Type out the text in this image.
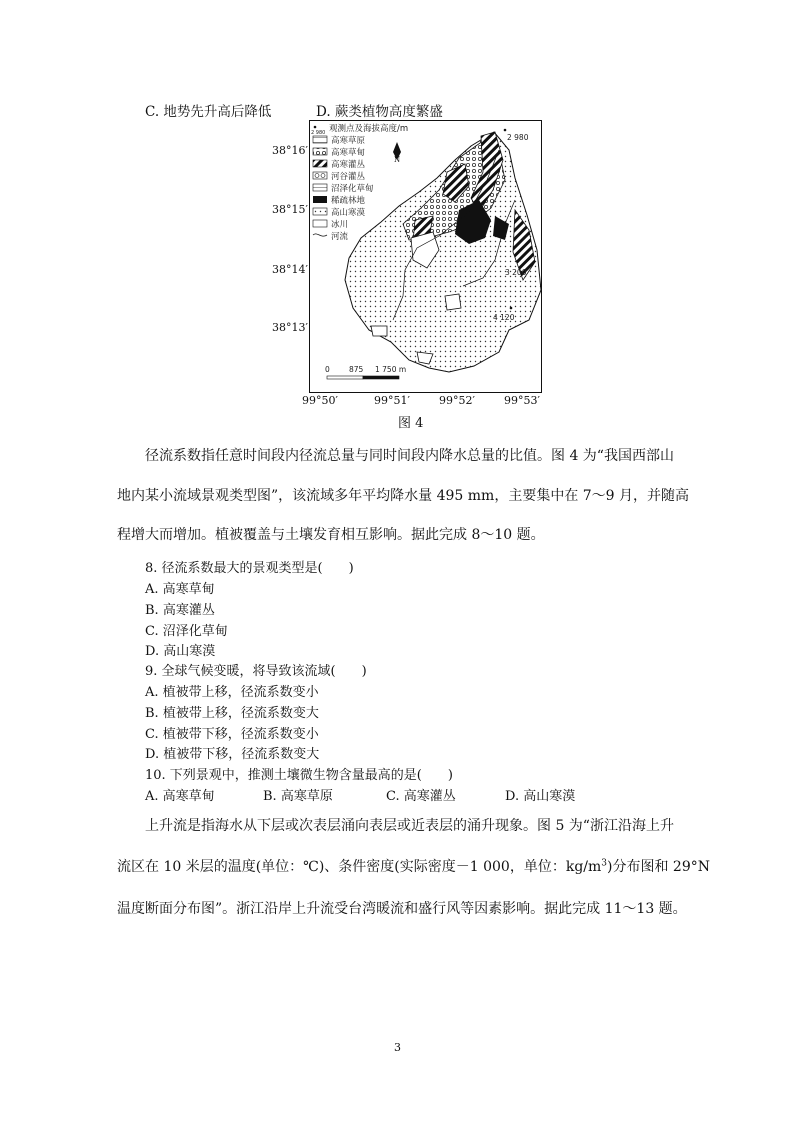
C. 地势先升高后降低	D. 蕨类植物高度繁盛
38°16′
38°15′
38°14′
38°13′
2 980 观测点及海拔高度/m
高寒草原
高寒草甸
高寒灌丛
河谷灌丛
沼泽化草甸
稀疏林地
高山寒漠
冰川
河流
N
2 980
3 200
4 120
0	875 1 750 m
99°50′	99°51′	99°52′	99°53′
图 4
径流系数指任意时间段内径流总量与同时间段内降水总量的比值。图 4 为“我国西部山
地内某小流域景观类型图”，该流域多年平均降水量 495 mm，主要集中在 7～9 月，并随高
程增大而增加。植被覆盖与土壤发育相互影响。据此完成 8～10 题。
8. 径流系数最大的景观类型是(　　)
A. 高寒草甸
B. 高寒灌丛
C. 沼泽化草甸
D. 高山寒漠
9. 全球气候变暖，将导致该流域(　　)
A. 植被带上移，径流系数变小
B. 植被带上移，径流系数变大
C. 植被带下移，径流系数变小
D. 植被带下移，径流系数变大
10. 下列景观中，推测土壤微生物含量最高的是(　　)
A. 高寒草甸	B. 高寒草原	C. 高寒灌丛	D. 高山寒漠
上升流是指海水从下层或次表层涌向表层或近表层的涌升现象。图 5 为“浙江沿海上升
流区在 10 米层的温度(单位：℃)、条件密度(实际密度－1 000，单位：$kg/m^3$)分布图和 29°N
温度断面分布图”。浙江沿岸上升流受台湾暖流和盛行风等因素影响。据此完成 11～13 题。
3
